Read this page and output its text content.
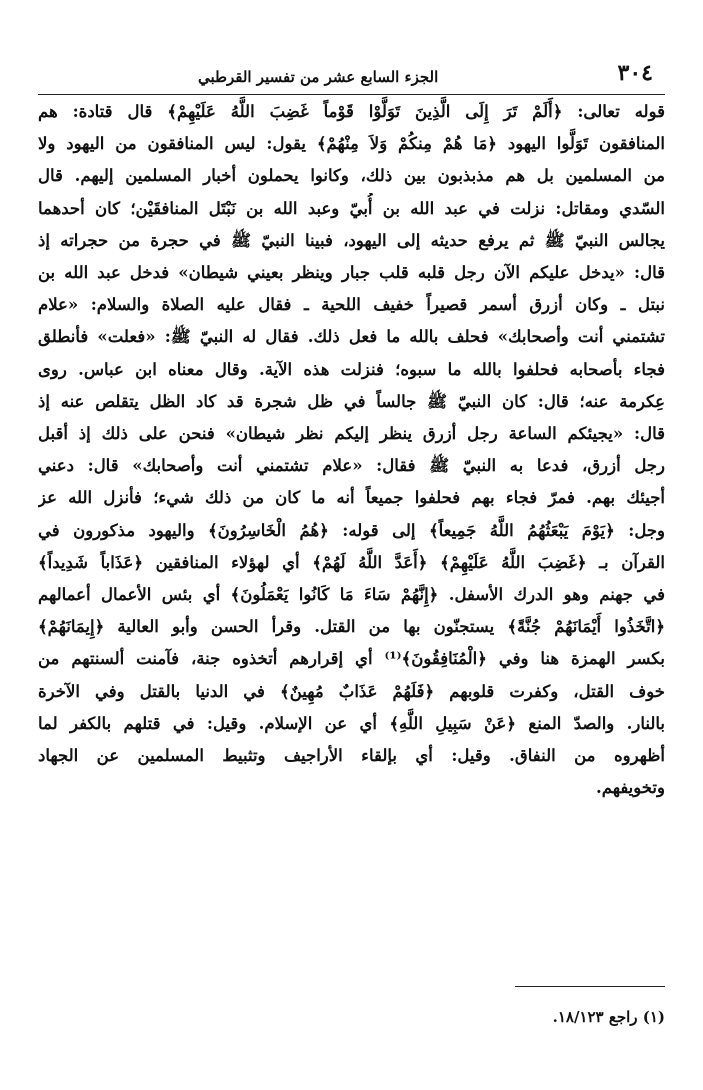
٣٠٤
الجزء السابع عشر من تفسير القرطبي
قوله تعالى: ﴿أَلَمْ تَرَ إِلَى الَّذِينَ تَوَلَّوْا قَوْماً غَضِبَ اللَّهُ عَلَيْهِمْ﴾ قال قتادة: هم
المنافقون تَوَلَّوا اليهود ﴿مَا هُمْ مِنكُمْ وَلاَ مِنْهُمْ﴾ يقول: ليس المنافقون من اليهود ولا
من المسلمين بل هم مذبذبون بين ذلك، وكانوا يحملون أخبار المسلمين إليهم. قال
السّدي ومقاتل: نزلت في عبد الله بن أُبيّ وعبد الله بن نَبْتَل المنافقَيْن؛ كان أحدهما
يجالس النبيّ ﷺ ثم يرفع حديثه إلى اليهود، فبينا النبيّ ﷺ في حجرة من حجراته إذ
قال: «يدخل عليكم الآن رجل قلبه قلب جبار وينظر بعيني شيطان» فدخل عبد الله بن
نبتل ـ وكان أزرق أسمر قصيراً خفيف اللحية ـ فقال عليه الصلاة والسلام: «علام
تشتمني أنت وأصحابك» فحلف بالله ما فعل ذلك. فقال له النبيّ ﷺ: «فعلت» فأنطلق
فجاء بأصحابه فحلفوا بالله ما سبوه؛ فنزلت هذه الآية. وقال معناه ابن عباس. روى
عِكرمة عنه؛ قال: كان النبيّ ﷺ جالساً في ظل شجرة قد كاد الظل يتقلص عنه إذ
قال: «يجيئكم الساعة رجل أزرق ينظر إليكم نظر شيطان» فنحن على ذلك إذ أقبل
رجل أزرق، فدعا به النبيّ ﷺ فقال: «علام تشتمني أنت وأصحابك» قال: دعني
أجيئك بهم. فمرّ فجاء بهم فحلفوا جميعاً أنه ما كان من ذلك شيء؛ فأنزل الله عز
وجل: ﴿يَوْمَ يَبْعَثُهُمُ اللَّهُ جَمِيعاً﴾ إلى قوله: ﴿هُمُ الْخَاسِرُونَ﴾ واليهود مذكورون في
القرآن بـ ﴿غَضِبَ اللَّهُ عَلَيْهِمْ﴾ ﴿أَعَدَّ اللَّهُ لَهُمْ﴾ أي لهؤلاء المنافقين ﴿عَذَاباً شَدِيداً﴾
في جهنم وهو الدرك الأسفل. ﴿إِنَّهُمْ سَاءَ مَا كَانُوا يَعْمَلُونَ﴾ أي بئس الأعمال أعمالهم
﴿اتَّخَذُوا أَيْمَانَهُمْ جُنَّةً﴾ يستجنّون بها من القتل. وقرأ الحسن وأبو العالية ﴿إِيمَانَهُمْ﴾
بكسر الهمزة هنا وفي ﴿الْمُنَافِقُونَ﴾⁽¹⁾ أي إقرارهم أتخذوه جنة، فآمنت ألسنتهم من
خوف القتل، وكفرت قلوبهم ﴿فَلَهُمْ عَذَابٌ مُهِينٌ﴾ في الدنيا بالقتل وفي الآخرة
بالنار. والصدّ المنع ﴿عَنْ سَبِيلِ اللَّهِ﴾ أي عن الإسلام. وقيل: في قتلهم بالكفر لما
أظهروه من النفاق. وقيل: أي بإلقاء الأراجيف وتثبيط المسلمين عن الجهاد
وتخويفهم.
(١) راجع ١٨/١٢٣.
